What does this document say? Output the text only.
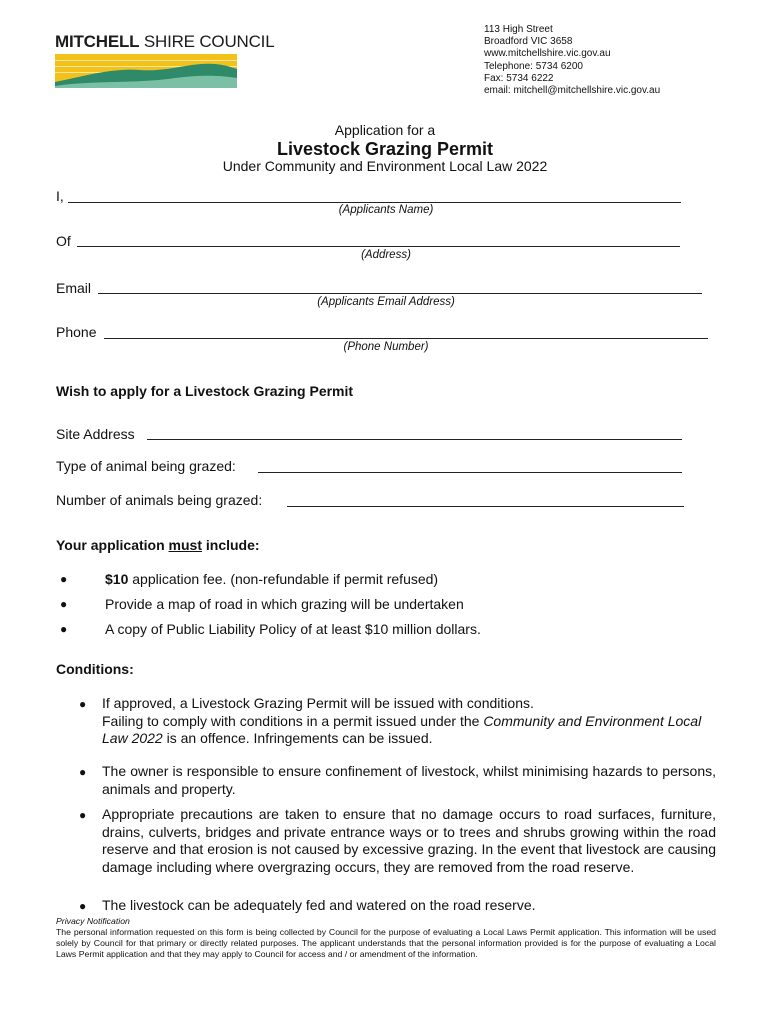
MITCHELL SHIRE COUNCIL
113 High Street
Broadford VIC 3658
www.mitchellshire.vic.gov.au
Telephone: 5734 6200
Fax: 5734 6222
email: mitchell@mitchellshire.vic.gov.au
Application for a
Livestock Grazing Permit
Under Community and Environment Local Law 2022
I,
(Applicants Name)
Of
(Address)
Email
(Applicants Email Address)
Phone
(Phone Number)
Wish to apply for a Livestock Grazing Permit
Site Address
Type of animal being grazed:
Number of animals being grazed:
Your application must include:
●	$10 application fee. (non-refundable if permit refused)
●	Provide a map of road in which grazing will be undertaken
●	A copy of Public Liability Policy of at least $10 million dollars.
Conditions:
● If approved, a Livestock Grazing Permit will be issued with conditions.
Failing to comply with conditions in a permit issued under the Community and Environment Local Law 2022 is an offence. Infringements can be issued.
● The owner is responsible to ensure confinement of livestock, whilst minimising hazards to persons, animals and property.
● Appropriate precautions are taken to ensure that no damage occurs to road surfaces, furniture, drains, culverts, bridges and private entrance ways or to trees and shrubs growing within the road reserve and that erosion is not caused by excessive grazing. In the event that livestock are causing damage including where overgrazing occurs, they are removed from the road reserve.
● The livestock can be adequately fed and watered on the road reserve.
Privacy Notification
The personal information requested on this form is being collected by Council for the purpose of evaluating a Local Laws Permit application. This information will be used solely by Council for that primary or directly related purposes. The applicant understands that the personal information provided is for the purpose of evaluating a Local Laws Permit application and that they may apply to Council for access and / or amendment of the information.
